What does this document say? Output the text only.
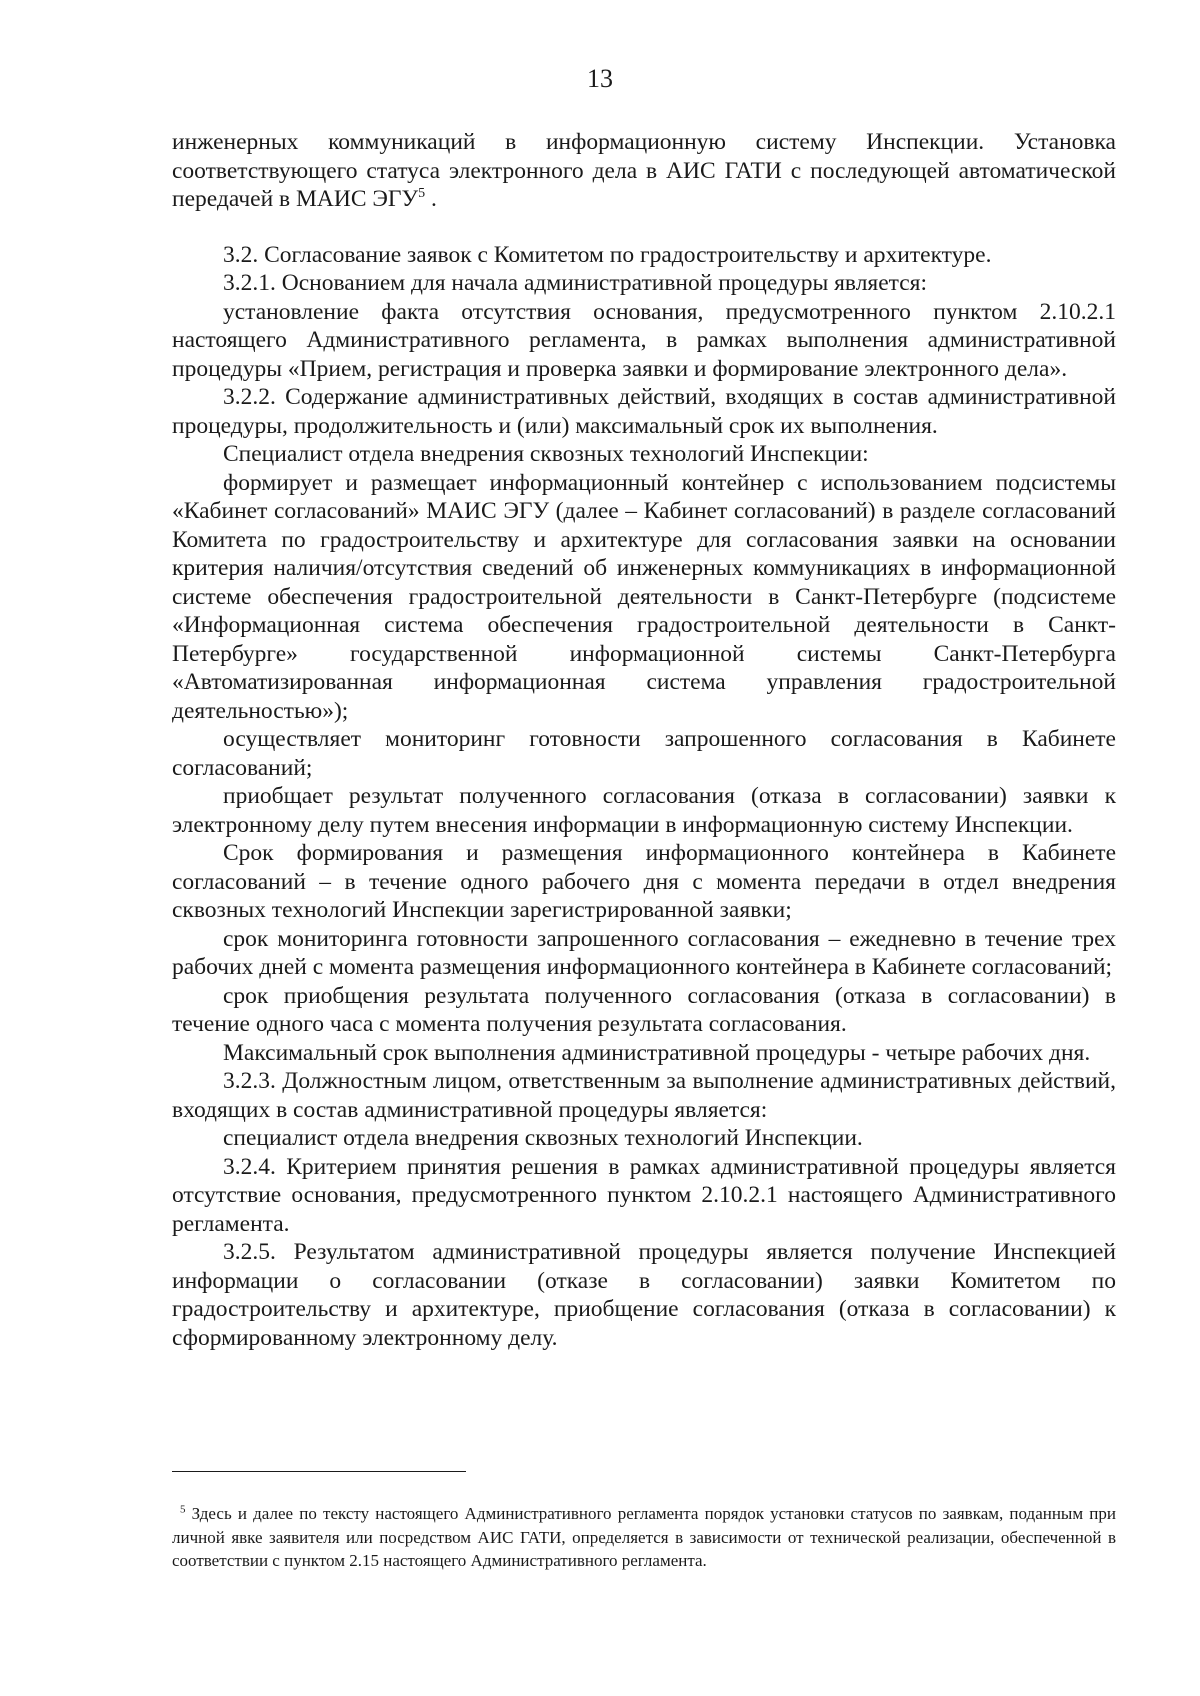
13

инженерных коммуникаций в информационную систему Инспекции. Установка соответствующего статуса электронного дела в АИС ГАТИ с последующей автоматической передачей в МАИС ЭГУ$^5$ .

3.2. Согласование заявок с Комитетом по градостроительству и архитектуре.

3.2.1. Основанием для начала административной процедуры является:

установление факта отсутствия основания, предусмотренного пунктом 2.10.2.1 настоящего Административного регламента, в рамках выполнения административной процедуры «Прием, регистрация и проверка заявки и формирование электронного дела».

3.2.2. Содержание административных действий, входящих в состав административной процедуры, продолжительность и (или) максимальный срок их выполнения.

Специалист отдела внедрения сквозных технологий Инспекции:

формирует и размещает информационный контейнер с использованием подсистемы «Кабинет согласований» МАИС ЭГУ (далее – Кабинет согласований) в разделе согласований Комитета по градостроительству и архитектуре для согласования заявки на основании критерия наличия/отсутствия сведений об инженерных коммуникациях в информационной системе обеспечения градостроительной деятельности в Санкт-Петербурге (подсистеме «Информационная система обеспечения градостроительной деятельности в Санкт-Петербурге» государственной информационной системы Санкт-Петербурга «Автоматизированная информационная система управления градостроительной деятельностью»);

осуществляет мониторинг готовности запрошенного согласования в Кабинете согласований;

приобщает результат полученного согласования (отказа в согласовании) заявки к электронному делу путем внесения информации в информационную систему Инспекции.

Срок формирования и размещения информационного контейнера в Кабинете согласований – в течение одного рабочего дня с момента передачи в отдел внедрения сквозных технологий Инспекции зарегистрированной заявки;

срок мониторинга готовности запрошенного согласования – ежедневно в течение трех рабочих дней с момента размещения информационного контейнера в Кабинете согласований;

срок приобщения результата полученного согласования (отказа в согласовании) в течение одного часа с момента получения результата согласования.

Максимальный срок выполнения административной процедуры - четыре рабочих дня.

3.2.3. Должностным лицом, ответственным за выполнение административных действий, входящих в состав административной процедуры является:

специалист отдела внедрения сквозных технологий Инспекции.

3.2.4. Критерием принятия решения в рамках административной процедуры является отсутствие основания, предусмотренного пунктом 2.10.2.1 настоящего Административного регламента.

3.2.5. Результатом административной процедуры является получение Инспекцией информации о согласовании (отказе в согласовании) заявки Комитетом по градостроительству и архитектуре, приобщение согласования (отказа в согласовании) к сформированному электронному делу.

$^5$ Здесь и далее по тексту настоящего Административного регламента порядок установки статусов по заявкам, поданным при личной явке заявителя или посредством АИС ГАТИ, определяется в зависимости от технической реализации, обеспеченной в соответствии с пунктом 2.15 настоящего Административного регламента.
